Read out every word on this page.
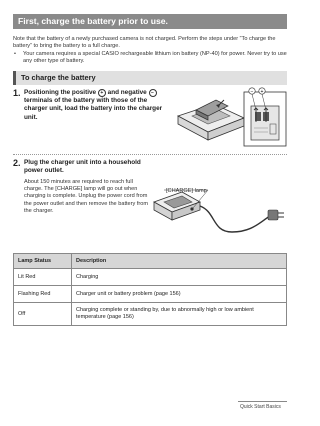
First, charge the battery prior to use.

Note that the battery of a newly purchased camera is not charged. Perform the steps under “To charge the battery” to bring the battery to a full charge.

•	Your camera requires a special CASIO rechargeable lithium ion battery (NP-40) for power. Never try to use any other type of battery.
To charge the battery
1. Positioning the positive + and negative − terminals of the battery with those of the charger unit, load the battery into the charger unit.
− +
2. Plug the charger unit into a household power outlet.
About 150 minutes are required to reach full charge. The [CHARGE] lamp will go out when charging is complete. Unplug the power cord from the power outlet and then remove the battery from the charger.
[CHARGE] lamp
Lamp Status	Description
Lit Red	Charging
Flashing Red	Charger unit or battery problem (page 156)
Off	Charging complete or standing by, due to abnormally high or low ambient temperature (page 156)
Quick Start Basics
